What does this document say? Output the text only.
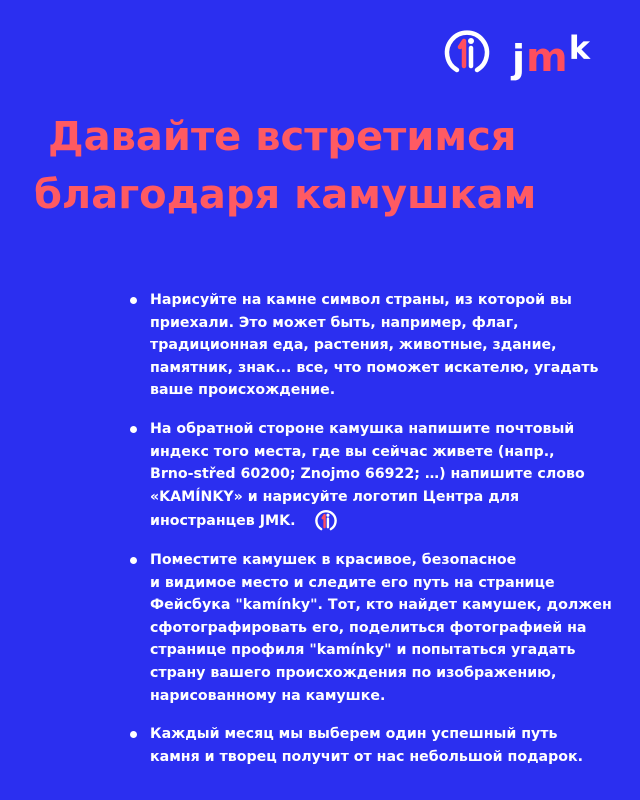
j m k
Давайте встретимся
благодаря камушкам
Нарисуйте на камне символ страны, из которой вы
приехали. Это может быть, например, флаг,
традиционная еда, растения, животные, здание,
памятник, знак... все, что поможет искателю, угадать
ваше происхождение.
На обратной стороне камушка напишите почтовый
индекс того места, где вы сейчас живете (напр.,
Brno-střed 60200; Znojmo 66922; …) напишите слово
«KAMÍNKY» и нарисуйте логотип Центра для
иностранцев JMK.
Поместите камушек в красивое, безопасное
и видимое место и следите его путь на странице
Фейсбука "kamínky". Тот, кто найдет камушек, должен
сфотографировать его, поделиться фотографией на
странице профиля "kamínky" и попытаться угадать
страну вашего происхождения по изображению,
нарисованному на камушке.
Каждый месяц мы выберем один успешный путь
камня и творец получит от нас небольшой подарок.
